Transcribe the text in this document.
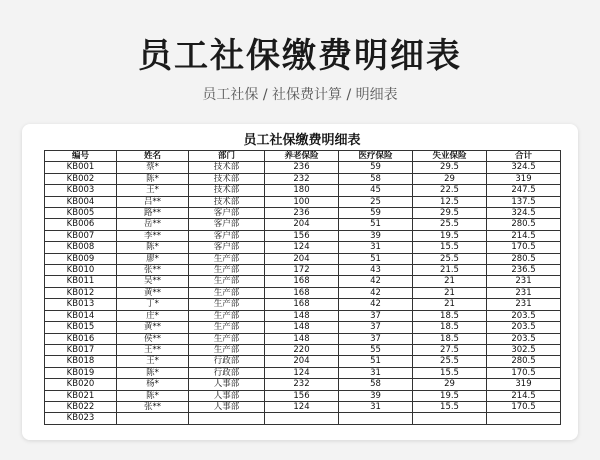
员工社保缴费明细表
员工社保 / 社保费计算 / 明细表
员工社保缴费明细表
编号	姓名	部门	养老保险	医疗保险	失业保险	合计
KB001	蔡*	技术部	236	59	29.5	324.5
KB002	陈*	技术部	232	58	29	319
KB003	王*	技术部	180	45	22.5	247.5
KB004	吕**	技术部	100	25	12.5	137.5
KB005	路**	客户部	236	59	29.5	324.5
KB006	岳**	客户部	204	51	25.5	280.5
KB007	李**	客户部	156	39	19.5	214.5
KB008	陈*	客户部	124	31	15.5	170.5
KB009	廖*	生产部	204	51	25.5	280.5
KB010	张**	生产部	172	43	21.5	236.5
KB011	吴**	生产部	168	42	21	231
KB012	黄**	生产部	168	42	21	231
KB013	丁*	生产部	168	42	21	231
KB014	庄*	生产部	148	37	18.5	203.5
KB015	黄**	生产部	148	37	18.5	203.5
KB016	侯**	生产部	148	37	18.5	203.5
KB017	王**	生产部	220	55	27.5	302.5
KB018	王*	行政部	204	51	25.5	280.5
KB019	陈*	行政部	124	31	15.5	170.5
KB020	杨*	人事部	232	58	29	319
KB021	陈*	人事部	156	39	19.5	214.5
KB022	张**	人事部	124	31	15.5	170.5
KB023						
